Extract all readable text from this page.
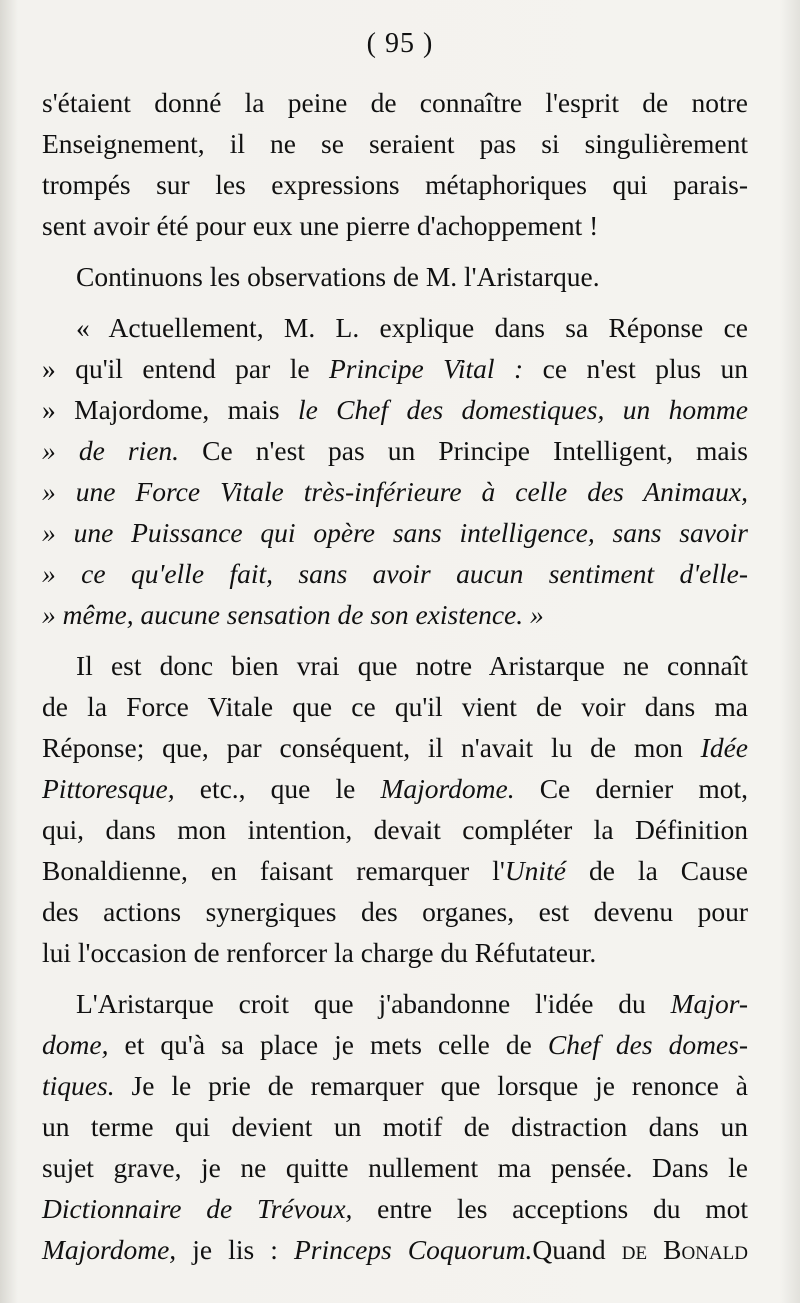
( 95 )

s'étaient donné la peine de connaître l'esprit de notre
Enseignement, il ne se seraient pas si singulièrement
trompés sur les expressions métaphoriques qui parais-
sent avoir été pour eux une pierre d'achoppement !

Continuons les observations de M. l'Aristarque.

« Actuellement, M. L. explique dans sa Réponse ce
» qu'il entend par le Principe Vital : ce n'est plus un
» Majordome, mais le Chef des domestiques, un homme
» de rien. Ce n'est pas un Principe Intelligent, mais
» une Force Vitale très-inférieure à celle des Animaux,
» une Puissance qui opère sans intelligence, sans savoir
» ce qu'elle fait, sans avoir aucun sentiment d'elle-
» même, aucune sensation de son existence. »

Il est donc bien vrai que notre Aristarque ne connaît
de la Force Vitale que ce qu'il vient de voir dans ma
Réponse; que, par conséquent, il n'avait lu de mon Idée
Pittoresque, etc., que le Majordome. Ce dernier mot,
qui, dans mon intention, devait compléter la Définition
Bonaldienne, en faisant remarquer l'Unité de la Cause
des actions synergiques des organes, est devenu pour
lui l'occasion de renforcer la charge du Réfutateur.

L'Aristarque croit que j'abandonne l'idée du Major-
dome, et qu'à sa place je mets celle de Chef des domes-
tiques. Je le prie de remarquer que lorsque je renonce à
un terme qui devient un motif de distraction dans un
sujet grave, je ne quitte nullement ma pensée. Dans le
Dictionnaire de Trévoux, entre les acceptions du mot
Majordome, je lis : Princeps Coquorum.Quand de Bonald
